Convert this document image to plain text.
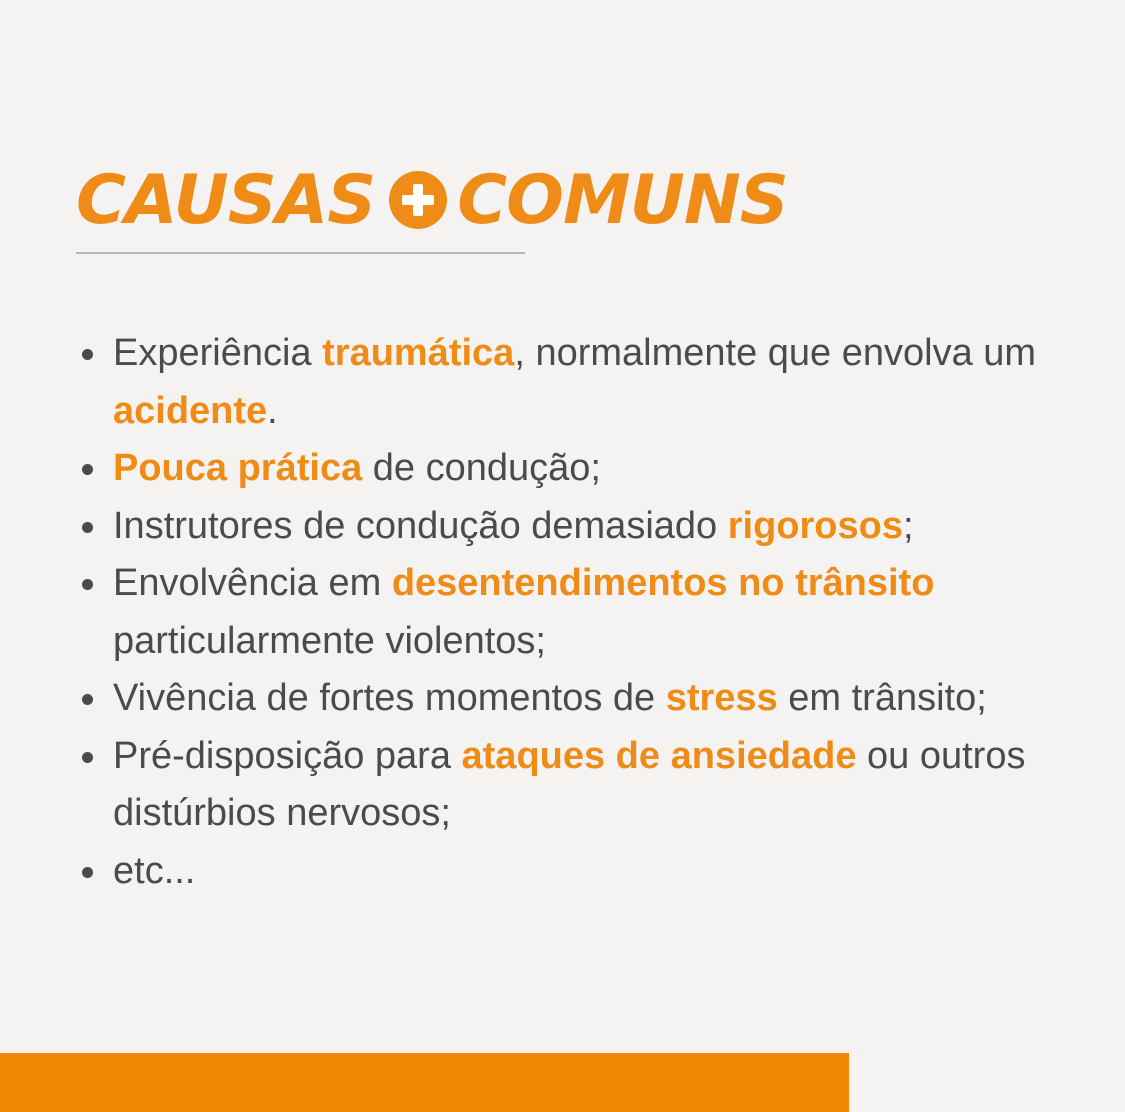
CAUSAS COMUNS
Experiência traumática, normalmente que envolva um acidente.
Pouca prática de condução;
Instrutores de condução demasiado rigorosos;
Envolvência em desentendimentos no trânsito particularmente violentos;
Vivência de fortes momentos de stress em trânsito;
Pré-disposição para ataques de ansiedade ou outros distúrbios nervosos;
etc...
